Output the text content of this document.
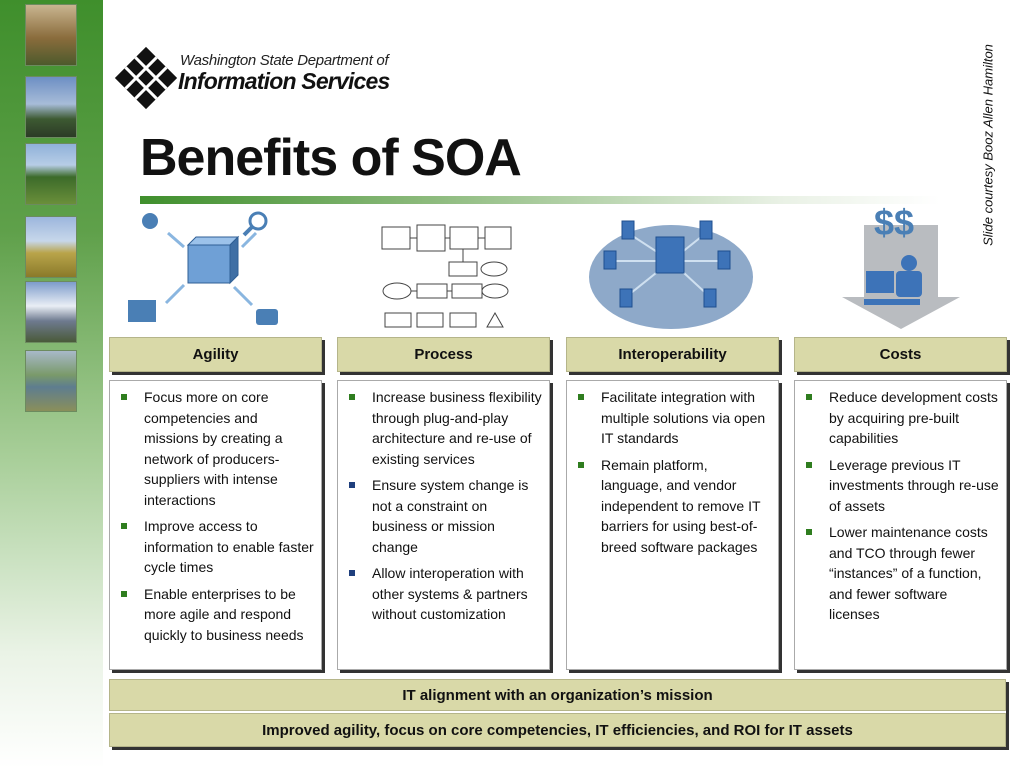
Washington State Department of
Information Services
Benefits of SOA	Slide courtesy Booz Allen Hamilton
$$
Agility
Focus more on core competencies and missions by creating a network of producers-suppliers with intense interactions
Improve access to information to enable faster cycle times
Enable enterprises to be more agile and respond quickly to business needs
Process
Increase business flexibility through plug-and-play architecture and re-use of existing services
Ensure system change is not a constraint on business or mission change
Allow interoperation with other systems & partners without customization
Interoperability
Facilitate integration with multiple solutions via open IT standards
Remain platform, language, and vendor independent to remove IT barriers for using best-of-breed software packages
Costs
Reduce development costs by acquiring pre-built capabilities
Leverage previous IT investments through re-use of assets
Lower maintenance costs and TCO through fewer “instances” of a function, and fewer software licenses
IT alignment with an organization’s mission
Improved agility, focus on core competencies, IT efficiencies, and ROI for IT assets
